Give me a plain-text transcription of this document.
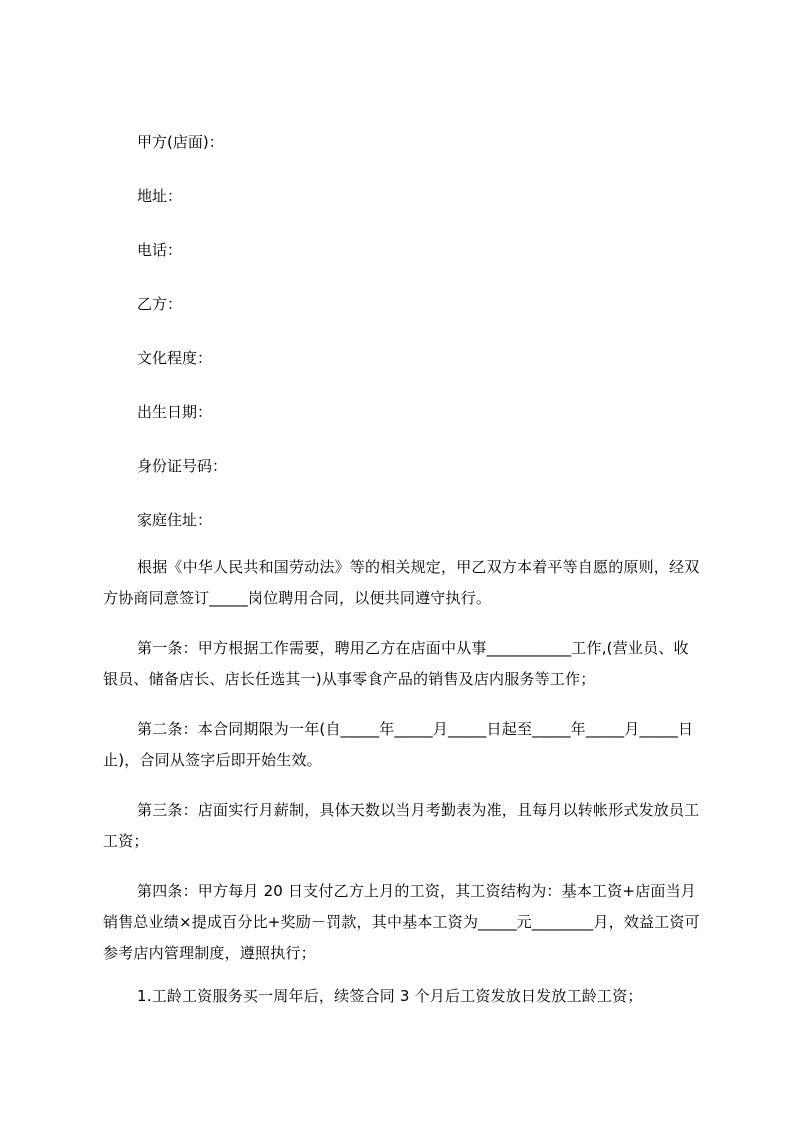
甲方(店面)：
地址：
电话：
乙方：
文化程度：
出生日期：
身份证号码：
家庭住址：
根据《中华人民共和国劳动法》等的相关规定，甲乙双方本着平等自愿的原则，经双方协商同意签订_____岗位聘用合同，以便共同遵守执行。
第一条：甲方根据工作需要，聘用乙方在店面中从事___________工作,(营业员、收银员、储备店长、店长任选其一)从事零食产品的销售及店内服务等工作；
第二条：本合同期限为一年(自_____年_____月_____日起至_____年_____月_____日止)，合同从签字后即开始生效。
第三条：店面实行月薪制，具体天数以当月考勤表为准，且每月以转帐形式发放员工工资；
第四条：甲方每月 20 日支付乙方上月的工资，其工资结构为：基本工资+店面当月销售总业绩×提成百分比+奖励－罚款，其中基本工资为_____元________月，效益工资可参考店内管理制度，遵照执行；
1.工龄工资服务买一周年后，续签合同 3 个月后工资发放日发放工龄工资；
